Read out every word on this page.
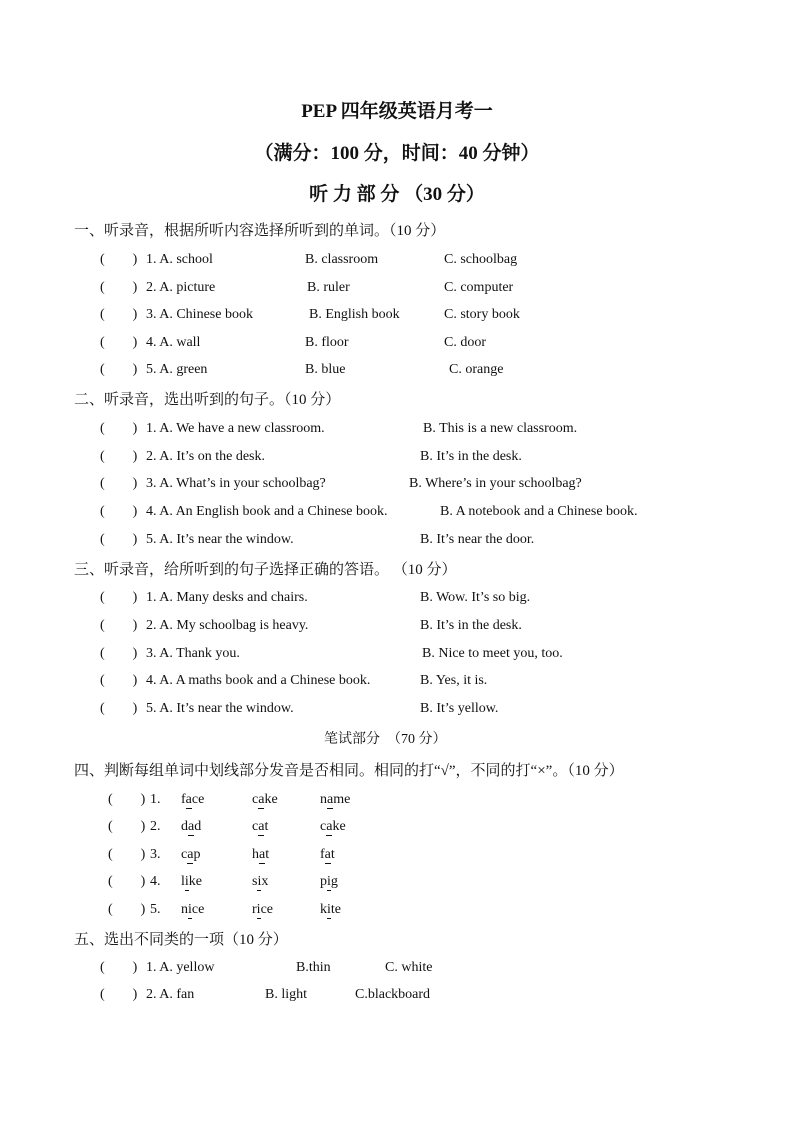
PEP 四年级英语月考一
（满分：100 分，时间：40 分钟）
听 力 部 分 （30 分）
一、听录音，根据所听内容选择所听到的单词。（10 分）
二、听录音，选出听到的句子。（10 分）
三、听录音，给所听到的句子选择正确的答语。 （10 分）
笔试部分　（70 分）
四、判断每组单词中划线部分发音是否相同。相同的打“√”，不同的打“×”。（10 分）
五、选出不同类的一项（10 分）
(　　) 1. A. school	B. classroom	C. schoolbag
(　　) 2. A. picture	B. ruler	C. computer
(　　) 3. A. Chinese book	B. English book	C. story book
(　　) 4. A. wall	B. floor	C. door
(　　) 5. A. green	B. blue	C. orange
(　　) 1. A. We have a new classroom.	B. This is a new classroom.
(　　) 2. A. It’s on the desk.	B. It’s in the desk.
(　　) 3. A. What’s in your schoolbag?	B. Where’s in your schoolbag?
(　　) 4. A. An English book and a Chinese book.	B. A notebook and a Chinese book.
(　　) 5. A. It’s near the window.	B. It’s near the door.
(　　) 1. A. Many desks and chairs.	B. Wow. It’s so big.
(　　) 2. A. My schoolbag is heavy.	B. It’s in the desk.
(　　) 3. A. Thank you.	B. Nice to meet you, too.
(　　) 4. A. A maths book and a Chinese book.	B. Yes, it is.
(　　) 5. A. It’s near the window.	B. It’s yellow.
(　　) 1. A. yellow	B.thin	C. white
(　　) 2. A. fan	B. light	C.blackboard
(　　) 1. face	cake	name
(　　) 2. dad	cat	cake
(　　) 3. cap	hat	fat
(　　) 4. like	six	pig
(　　) 5. nice	rice	kite
